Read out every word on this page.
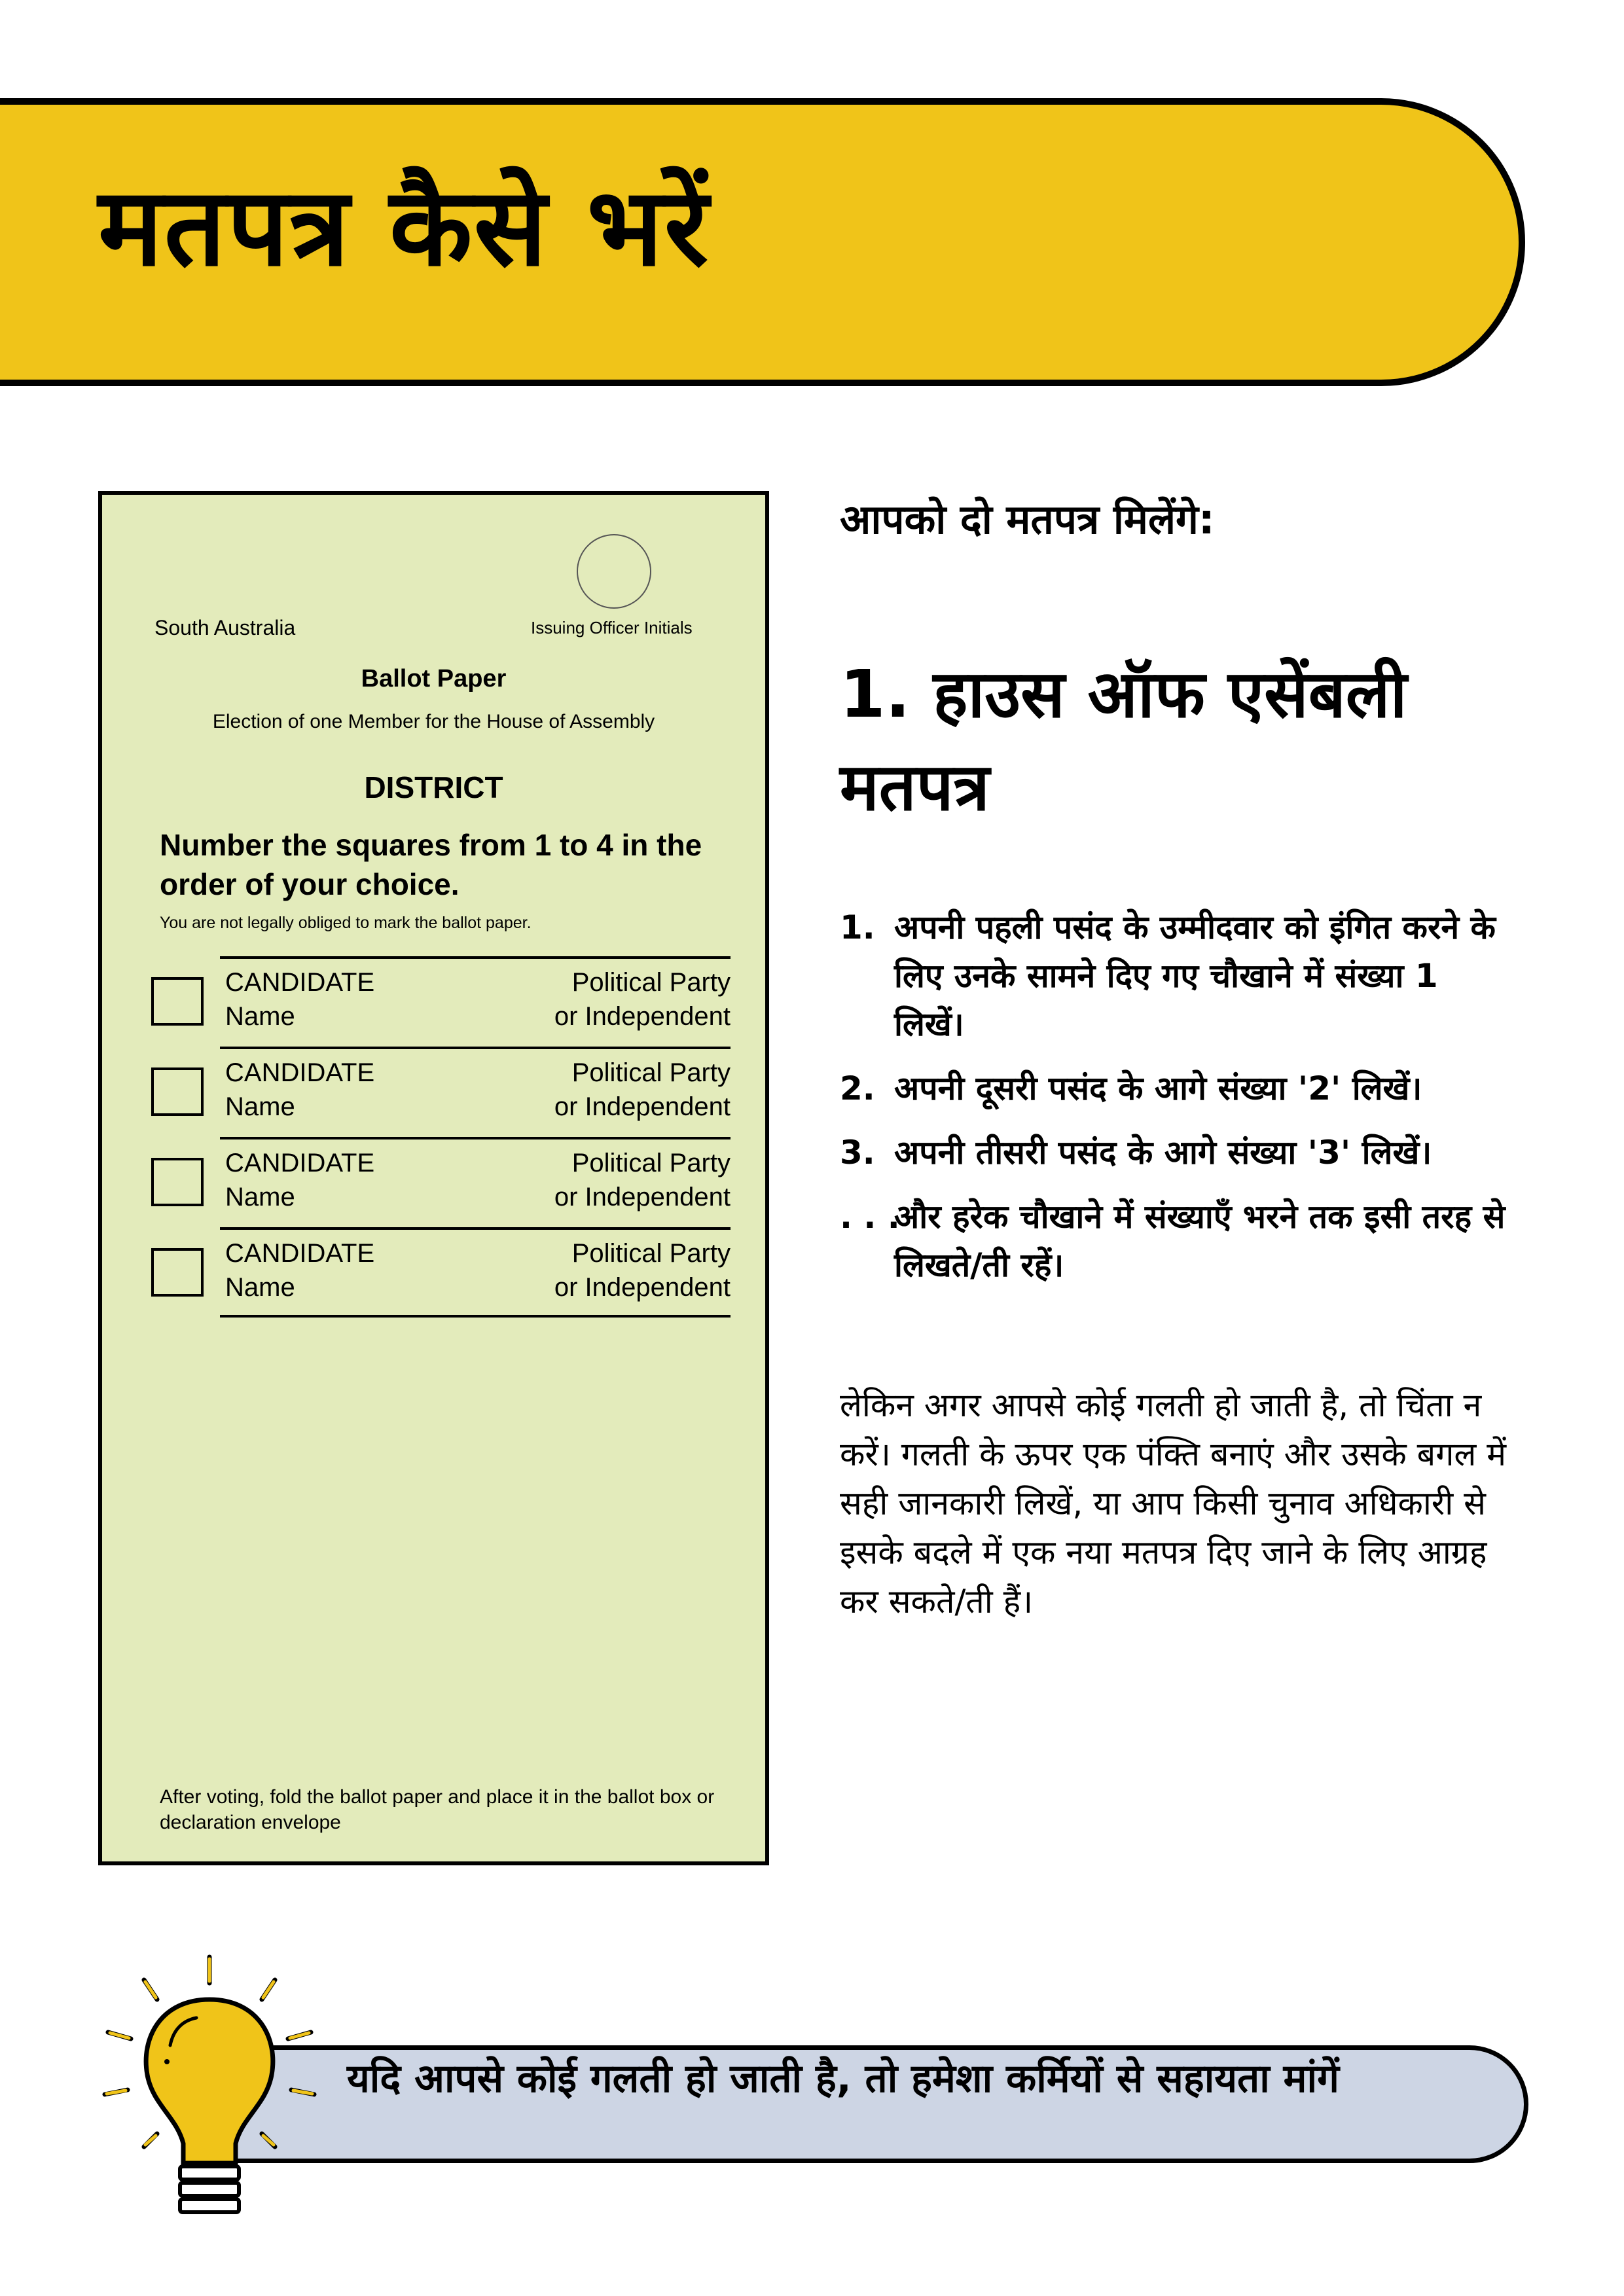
मतपत्र कैसे भरें
South Australia	Issuing Officer Initials
Ballot Paper
Election of one Member for the House of Assembly
DISTRICT
Number the squares from 1 to 4 in the order of your choice.
You are not legally obliged to mark the ballot paper.
CANDIDATE
Name
Political Party
or Independent
CANDIDATE
Name
Political Party
or Independent
CANDIDATE
Name
Political Party
or Independent
CANDIDATE
Name
Political Party
or Independent
After voting, fold the ballot paper and place it in the ballot box or declaration envelope
आपको दो मतपत्र मिलेंगे:
1. हाउस ऑफ एसेंबली मतपत्र
1. अपनी पहली पसंद के उम्मीदवार को इंगित करने के लिए उनके सामने दिए गए चौखाने में संख्या 1 लिखें।
2. अपनी दूसरी पसंद के आगे संख्या '2' लिखें।
3. अपनी तीसरी पसंद के आगे संख्या '3' लिखें।
. . .
और हरेक चौखाने में संख्याएँ भरने तक इसी तरह से लिखते/ती रहें।
लेकिन अगर आपसे कोई गलती हो जाती है, तो चिंता न करें। गलती के ऊपर एक पंक्ति बनाएं और उसके बगल में सही जानकारी लिखें, या आप किसी चुनाव अधिकारी से इसके बदले में एक नया मतपत्र दिए जाने के लिए आग्रह कर सकते/ती हैं।
यदि आपसे कोई गलती हो जाती है, तो हमेशा कर्मियों से सहायता मांगें
